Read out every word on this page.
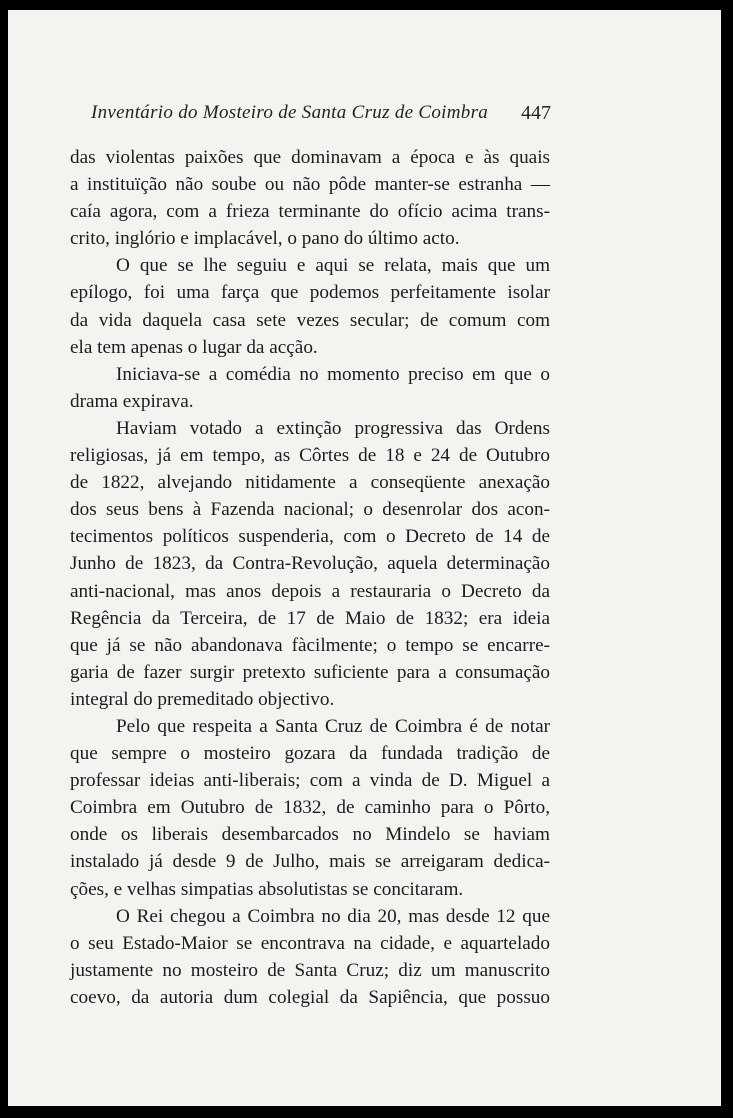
Inventário do Mosteiro de Santa Cruz de Coimbra 447
das violentas paixões que dominavam a época e às quais
a instituïção não soube ou não pôde manter-se estranha —
caía agora, com a frieza terminante do ofício acima trans-
crito, inglório e implacável, o pano do último acto.
O que se lhe seguiu e aqui se relata, mais que um
epílogo, foi uma farça que podemos perfeitamente isolar
da vida daquela casa sete vezes secular; de comum com
ela tem apenas o lugar da acção.
Iniciava-se a comédia no momento preciso em que o
drama expirava.
Haviam votado a extinção progressiva das Ordens
religiosas, já em tempo, as Côrtes de 18 e 24 de Outubro
de 1822, alvejando nitidamente a conseqüente anexação
dos seus bens à Fazenda nacional; o desenrolar dos acon-
tecimentos políticos suspenderia, com o Decreto de 14 de
Junho de 1823, da Contra-Revolução, aquela determinação
anti-nacional, mas anos depois a restauraria o Decreto da
Regência da Terceira, de 17 de Maio de 1832; era ideia
que já se não abandonava fàcilmente; o tempo se encarre-
garia de fazer surgir pretexto suficiente para a consumação
integral do premeditado objectivo.
Pelo que respeita a Santa Cruz de Coimbra é de notar
que sempre o mosteiro gozara da fundada tradição de
professar ideias anti-liberais; com a vinda de D. Miguel a
Coimbra em Outubro de 1832, de caminho para o Pôrto,
onde os liberais desembarcados no Mindelo se haviam
instalado já desde 9 de Julho, mais se arreigaram dedica-
ções, e velhas simpatias absolutistas se concitaram.
O Rei chegou a Coimbra no dia 20, mas desde 12 que
o seu Estado-Maior se encontrava na cidade, e aquartelado
justamente no mosteiro de Santa Cruz; diz um manuscrito
coevo, da autoria dum colegial da Sapiência, que possuo
